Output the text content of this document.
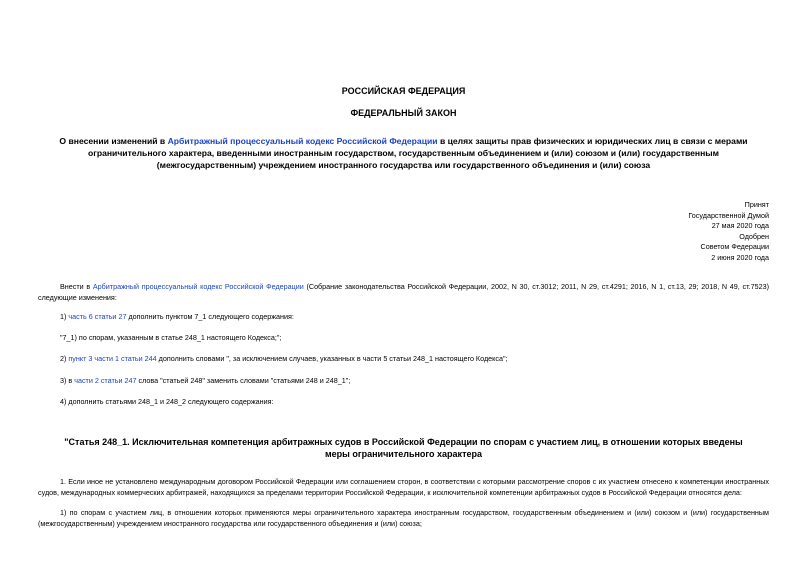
РОССИЙСКАЯ ФЕДЕРАЦИЯ
ФЕДЕРАЛЬНЫЙ ЗАКОН
О внесении изменений в Арбитражный процессуальный кодекс Российской Федерации в целях защиты прав физических и юридических лиц в связи с мерами ограничительного характера, введенными иностранным государством, государственным объединением и (или) союзом и (или) государственным (межгосударственным) учреждением иностранного государства или государственного объединения и (или) союза
Принят
Государственной Думой
27 мая 2020 года
Одобрен
Советом Федерации
2 июня 2020 года
Внести в Арбитражный процессуальный кодекс Российской Федерации (Собрание законодательства Российской Федерации, 2002, N 30, ст.3012; 2011, N 29, ст.4291; 2016, N 1, ст.13, 29; 2018, N 49, ст.7523) следующие изменения:
1) часть 6 статьи 27 дополнить пунктом 7_1 следующего содержания:
"7_1) по спорам, указанным в статье 248_1 настоящего Кодекса;";
2) пункт 3 части 1 статьи 244 дополнить словами ", за исключением случаев, указанных в части 5 статьи 248_1 настоящего Кодекса";
3) в части 2 статьи 247 слова "статьей 248" заменить словами "статьями 248 и 248_1";
4) дополнить статьями 248_1 и 248_2 следующего содержания:
"Статья 248_1. Исключительная компетенция арбитражных судов в Российской Федерации по спорам с участием лиц, в отношении которых введены меры ограничительного характера
1. Если иное не установлено международным договором Российской Федерации или соглашением сторон, в соответствии с которыми рассмотрение споров с их участием отнесено к компетенции иностранных судов, международных коммерческих арбитражей, находящихся за пределами территории Российской Федерации, к исключительной компетенции арбитражных судов в Российской Федерации относятся дела:
1) по спорам с участием лиц, в отношении которых применяются меры ограничительного характера иностранным государством, государственным объединением и (или) союзом и (или) государственным (межгосударственным) учреждением иностранного государства или государственного объединения и (или) союза;
